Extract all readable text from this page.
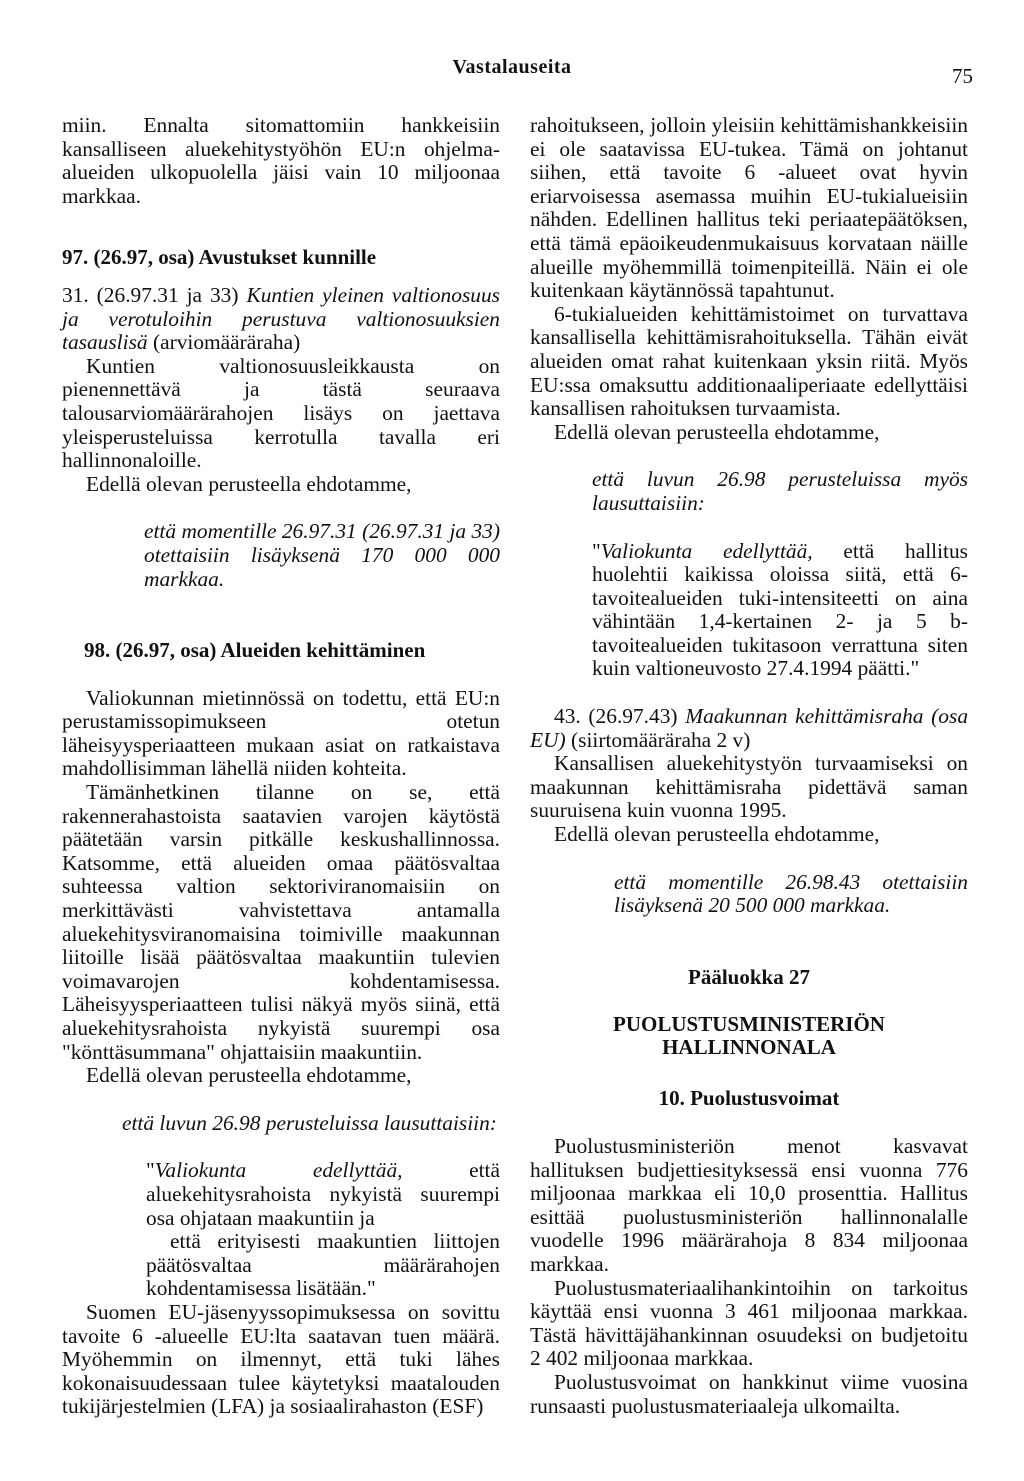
Vastalauseita	75

miin. Ennalta sitomattomiin hankkeisiin kansalliseen aluekehitystyöhön EU:n ohjelma-alueiden ulkopuolella jäisi vain 10 miljoonaa markkaa.

97. (26.97, osa) Avustukset kunnille

31. (26.97.31 ja 33) Kuntien yleinen valtionosuus ja verotuloihin perustuva valtionosuuksien tasauslisä (arviomääräraha)

Kuntien valtionosuusleikkausta on pienennettävä ja tästä seuraava talousarviomäärärahojen lisäys on jaettava yleisperusteluissa kerrotulla tavalla eri hallinnonaloille.

Edellä olevan perusteella ehdotamme,

että momentille 26.97.31 (26.97.31 ja 33) otettaisiin lisäyksenä 170 000 000 markkaa.

98. (26.97, osa) Alueiden kehittäminen

Valiokunnan mietinnössä on todettu, että EU:n perustamissopimukseen otetun läheisyysperiaatteen mukaan asiat on ratkaistava mahdollisimman lähellä niiden kohteita.

Tämänhetkinen tilanne on se, että rakennerahastoista saatavien varojen käytöstä päätetään varsin pitkälle keskushallinnossa. Katsomme, että alueiden omaa päätösvaltaa suhteessa valtion sektoriviranomaisiin on merkittävästi vahvistettava antamalla aluekehitysviranomaisina toimiville maakunnan liitoille lisää päätösvaltaa maakuntiin tulevien voimavarojen kohdentamisessa. Läheisyysperiaatteen tulisi näkyä myös siinä, että aluekehitysrahoista nykyistä suurempi osa "könttäsummana" ohjattaisiin maakuntiin.

Edellä olevan perusteella ehdotamme,

että luvun 26.98 perusteluissa lausuttaisiin:

"Valiokunta edellyttää,	että aluekehitysrahoista nykyistä suurempi osa ohjataan maakuntiin ja

että erityisesti maakuntien liittojen päätösvaltaa määrärahojen kohdentamisessa lisätään."

Suomen EU-jäsenyyssopimuksessa on sovittu tavoite 6 -alueelle EU:lta saatavan tuen määrä. Myöhemmin on ilmennyt, että tuki lähes kokonaisuudessaan tulee käytetyksi maatalouden tukijärjestelmien (LFA) ja sosiaalirahaston (ESF)

rahoitukseen, jolloin yleisiin kehittämishankkeisiin ei ole saatavissa EU-tukea. Tämä on johtanut siihen, että tavoite 6 -alueet ovat hyvin eriarvoisessa asemassa muihin EU-tukialueisiin nähden. Edellinen hallitus teki periaatepäätöksen, että tämä epäoikeudenmukaisuus korvataan näille alueille myöhemmillä toimenpiteillä. Näin ei ole kuitenkaan käytännössä tapahtunut.

6-tukialueiden kehittämistoimet on turvattava kansallisella kehittämisrahoituksella. Tähän eivät alueiden omat rahat kuitenkaan yksin riitä. Myös EU:ssa omaksuttu additionaaliperiaate edellyttäisi kansallisen rahoituksen turvaamista.

Edellä olevan perusteella ehdotamme,

että luvun 26.98 perusteluissa myös lausuttaisiin:

"Valiokunta edellyttää, että hallitus huolehtii kaikissa oloissa siitä, että 6-tavoitealueiden tuki-intensiteetti on aina vähintään 1,4-kertainen 2- ja 5 b-tavoitealueiden tukitasoon verrattuna siten kuin valtioneuvosto 27.4.1994 päätti."

43. (26.97.43) Maakunnan kehittämisraha (osa EU) (siirtomääräraha 2 v)

Kansallisen aluekehitystyön turvaamiseksi on maakunnan kehittämisraha pidettävä saman suuruisena kuin vuonna 1995.

Edellä olevan perusteella ehdotamme,

että momentille 26.98.43 otettaisiin lisäyksenä 20 500 000 markkaa.

Pääluokka 27

PUOLUSTUSMINISTERIÖN HALLINNONALA

10. Puolustusvoimat

Puolustusministeriön menot kasvavat hallituksen budjettiesityksessä ensi vuonna 776 miljoonaa markkaa eli 10,0 prosenttia. Hallitus esittää puolustusministeriön hallinnonalalle vuodelle 1996 määrärahoja 8 834 miljoonaa markkaa.

Puolustusmateriaalihankintoihin on tarkoitus käyttää ensi vuonna 3 461 miljoonaa markkaa. Tästä hävittäjähankinnan osuudeksi on budjetoitu 2 402 miljoonaa markkaa.

Puolustusvoimat on hankkinut viime vuosina runsaasti puolustusmateriaaleja ulkomailta.
